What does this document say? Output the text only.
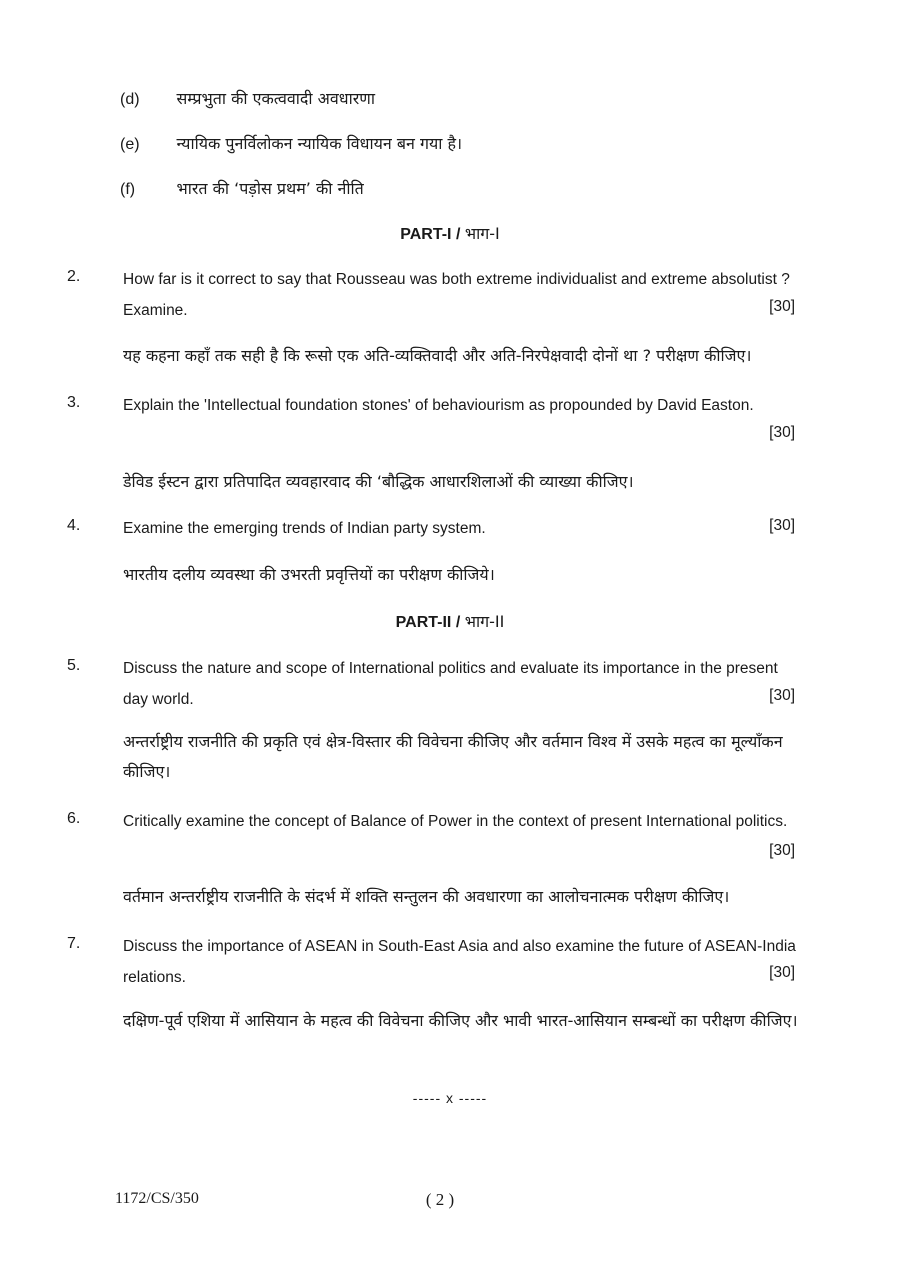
(d) सम्प्रभुता की एकत्ववादी अवधारणा
(e) न्यायिक पुनर्विलोकन न्यायिक विधायन बन गया है।
(f)	भारत की ‘पड़ोस प्रथम’ की नीति
PART-I / भाग-I
2.	How far is it correct to say that Rousseau was both extreme individualist and extreme absolutist ? Examine.	[30]
यह कहना कहाँ तक सही है कि रूसो एक अति-व्यक्तिवादी और अति-निरपेक्षवादी दोनों था ? परीक्षण कीजिए।
3.	Explain the 'Intellectual foundation stones' of behaviourism as propounded by David Easton.
[30]
डेविड ईस्टन द्वारा प्रतिपादित व्यवहारवाद की ‘बौद्धिक आधारशिलाओं की व्याख्या कीजिए।
4.	Examine the emerging trends of Indian party system.	[30]
भारतीय दलीय व्यवस्था की उभरती प्रवृत्तियों का परीक्षण कीजिये।
PART-II / भाग-II
5.	Discuss the nature and scope of International politics and evaluate its importance in the present day world.	[30]
अन्तर्राष्ट्रीय राजनीति की प्रकृति एवं क्षेत्र-विस्तार की विवेचना कीजिए और वर्तमान विश्व में उसके महत्व का मूल्याँकन कीजिए।
6.	Critically examine the concept of Balance of Power in the context of present International politics.
[30]
वर्तमान अन्तर्राष्ट्रीय राजनीति के संदर्भ में शक्ति सन्तुलन की अवधारणा का आलोचनात्मक परीक्षण कीजिए।
7.	Discuss the importance of ASEAN in South-East Asia and also examine the future of ASEAN-India relations.	[30]
दक्षिण-पूर्व एशिया में आसियान के महत्व की विवेचना कीजिए और भावी भारत-आसियान सम्बन्धों का परीक्षण कीजिए।
----- x -----
1172/CS/350	( 2 )
